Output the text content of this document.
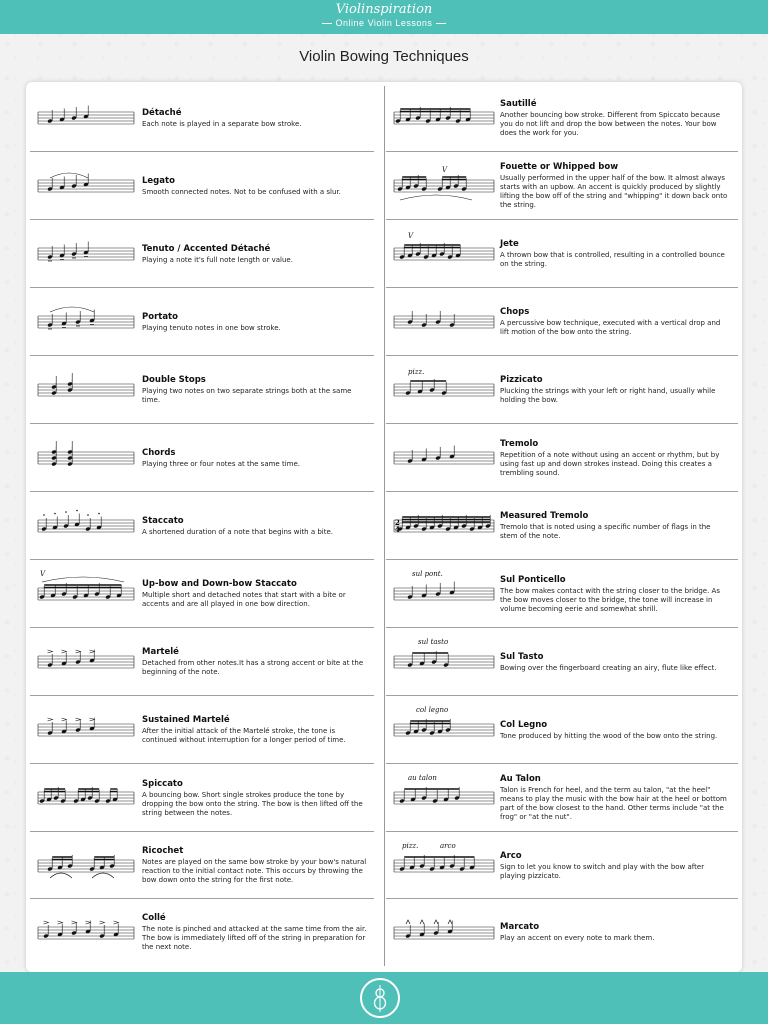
Violinspiration
Online Violin Lessons
Violin Bowing Techniques
Détaché
Each note is played in a separate bow stroke.
Legato
Smooth connected notes. Not to be confused with a slur.
Tenuto / Accented Détaché
Playing a note it's full note length or value.
Portato
Playing tenuto notes in one bow stroke.
Double Stops
Playing two notes on two separate strings both at the same time.
Chords
Playing three or four notes at the same time.
Staccato
A shortened duration of a note that begins with a bite.
V
Up-bow and Down-bow Staccato
Multiple short and detached notes that start with a bite or accents and are all played in one bow direction.
Martelé
Detached from other notes.It has a strong accent or bite at the beginning of the note.
Sustained Martelé
After the initial attack of the Martelé stroke, the tone is continued without interruption for a longer period of time.
Spiccato
A bouncing bow. Short single strokes produce the tone by dropping the bow onto the string. The bow is then lifted off the string between the notes.
Ricochet
Notes are played on the same bow stroke by your bow's natural reaction to the initial contact note. This occurs by throwing the bow down onto the string for the first note.
Collé
The note is pinched and attacked at the same time from the air. The bow is immediately lifted off of the string in preparation for the next note.
Sautillé
Another bouncing bow stroke. Different from Spiccato because you do not lift and drop the bow between the notes. Your bow does the work for you.
V	Fouette or Whipped bow
Usually performed in the upper half of the bow. It almost always starts with an upbow. An accent is quickly produced by slightly lifting the bow off of the string and "whipping" it down back onto the string.
V
Jete
A thrown bow that is controlled, resulting in a controlled bounce on the string.
Chops
A percussive bow technique, executed with a vertical drop and lift motion of the bow onto the string.
pizz.
Pizzicato
Plucking the strings with your left or right hand, usually while holding the bow.
Tremolo
Repetition of a note without using an accent or rhythm, but by using fast up and down strokes instead. Doing this creates a trembling sound.
2
4
Measured Tremolo
Tremolo that is noted using a specific number of flags in the stem of the note.
sul pont.
Sul Ponticello
The bow makes contact with the string closer to the bridge. As the bow moves closer to the bridge, the tone will increase in volume becoming eerie and somewhat shrill.
sul tasto
Sul Tasto
Bowing over the fingerboard creating an airy, flute like effect.
col legno
Col Legno
Tone produced by hitting the wood of the bow onto the string.
au talon	Au Talon
Talon is French for heel, and the term au talon, "at the heel" means to play the music with the bow hair at the heel or bottom part of the bow closest to the hand. Other terms include "at the frog" or "at the nut".
pizz.	arco
Arco
Sign to let you know to switch and play with the bow after playing pizzicato.
Marcato
Play an accent on every note to mark them.
